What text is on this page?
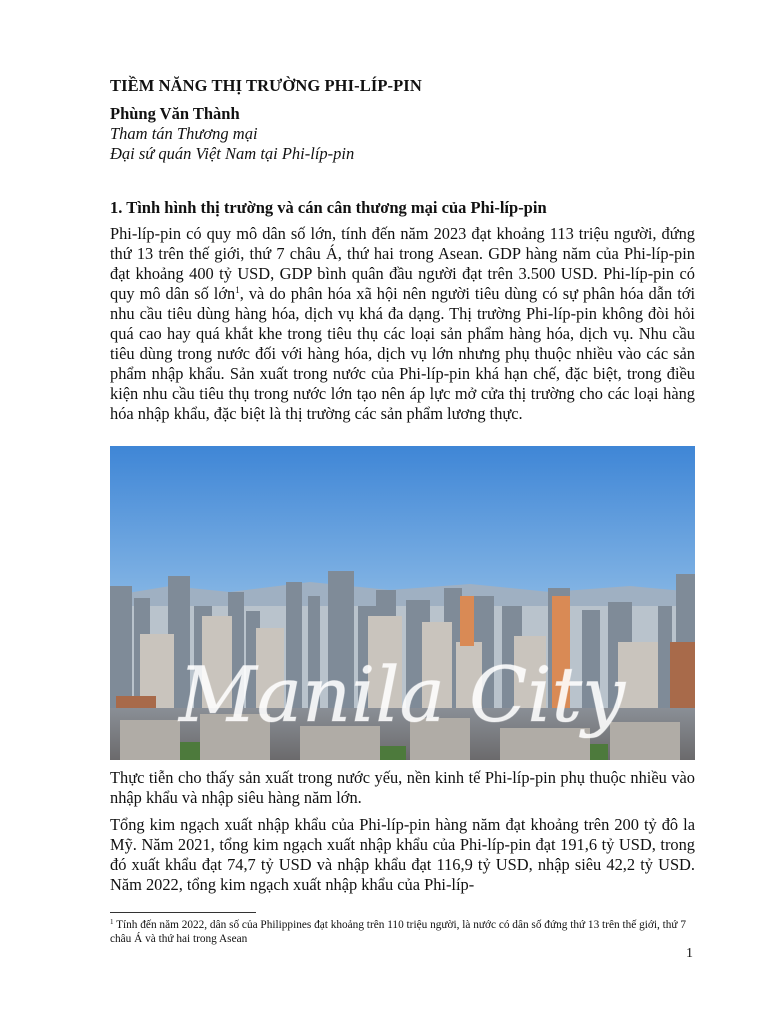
TIỀM NĂNG THỊ TRƯỜNG PHI-LÍP-PIN
Phùng Văn Thành
Tham tán Thương mại
Đại sứ quán Việt Nam tại Phi-líp-pin
1. Tình hình thị trường và cán cân thương mại của Phi-líp-pin

Phi-líp-pin có quy mô dân số lớn, tính đến năm 2023 đạt khoảng 113 triệu người, đứng thứ 13 trên thế giới, thứ 7 châu Á, thứ hai trong Asean. GDP hàng năm của Phi-líp-pin đạt khoảng 400 tỷ USD, GDP bình quân đầu người đạt trên 3.500 USD. Phi-líp-pin có quy mô dân số lớn$^1$, và do phân hóa xã hội nên người tiêu dùng có sự phân hóa dẫn tới nhu cầu tiêu dùng hàng hóa, dịch vụ khá đa dạng. Thị trường Phi-líp-pin không đòi hỏi quá cao hay quá khắt khe trong tiêu thụ các loại sản phẩm hàng hóa, dịch vụ. Nhu cầu tiêu dùng trong nước đối với hàng hóa, dịch vụ lớn nhưng phụ thuộc nhiều vào các sản phẩm nhập khẩu. Sản xuất trong nước của Phi-líp-pin khá hạn chế, đặc biệt, trong điều kiện nhu cầu tiêu thụ trong nước lớn tạo nên áp lực mở cửa thị trường cho các loại hàng hóa nhập khẩu, đặc biệt là thị trường các sản phẩm lương thực.

Manila City

Thực tiễn cho thấy sản xuất trong nước yếu, nền kinh tế Phi-líp-pin phụ thuộc nhiều vào nhập khẩu và nhập siêu hàng năm lớn.

Tổng kim ngạch xuất nhập khẩu của Phi-líp-pin hàng năm đạt khoảng trên 200 tỷ đô la Mỹ. Năm 2021, tổng kim ngạch xuất nhập khẩu của Phi-líp-pin đạt 191,6 tỷ USD, trong đó xuất khẩu đạt 74,7 tỷ USD và nhập khẩu đạt 116,9 tỷ USD, nhập siêu 42,2 tỷ USD. Năm 2022, tổng kim ngạch xuất nhập khẩu của Phi-líp-

$^1$ Tính đến năm 2022, dân số của Philippines đạt khoảng trên 110 triệu người, là nước có dân số đứng thứ 13 trên thế giới, thứ 7 châu Á và thứ hai trong Asean

1
